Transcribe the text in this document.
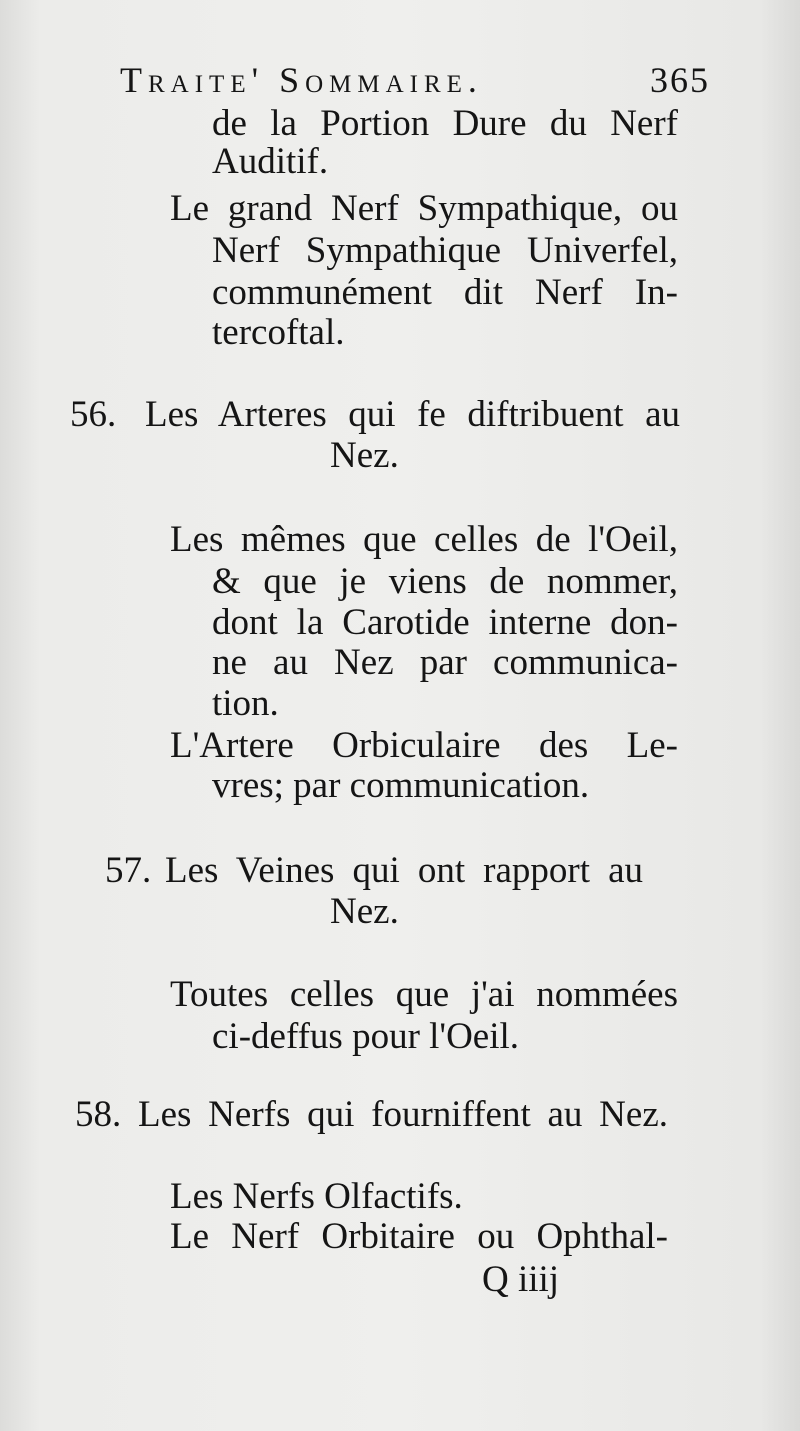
Traite' Sommaire.	365
de la Portion Dure du Nerf
Auditif.
Le grand Nerf Sympathique, ou
Nerf Sympathique Univerfel,
communément dit Nerf In-
tercoftal.
56. Les Arteres qui fe diftribuent au
Nez.
Les mêmes que celles de l'Oeil,
& que je viens de nommer,
dont la Carotide interne don-
ne au Nez par communica-
tion.
L'Artere Orbiculaire des Le-
vres; par communication.
57. Les Veines qui ont rapport au
Nez.
Toutes celles que j'ai nommées
ci-deffus pour l'Oeil.
58. Les Nerfs qui fourniffent au Nez.
Les Nerfs Olfactifs.
Le Nerf Orbitaire ou Ophthal-
Q iiij
